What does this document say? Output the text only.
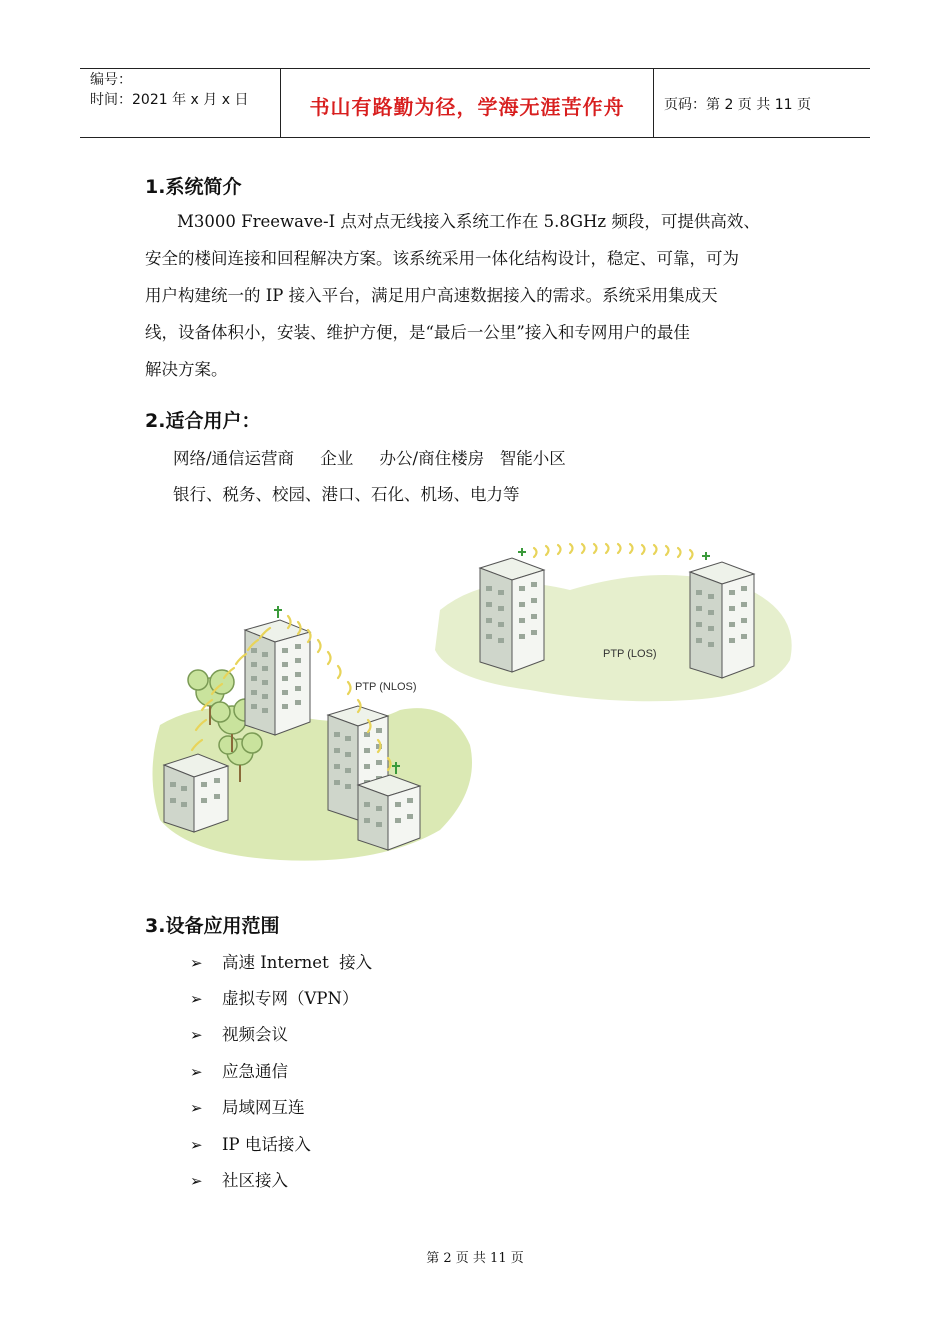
编号：
时间：2021 年 x 月 x 日	书山有路勤为径，学海无涯苦作舟	页码：第 2 页 共 11 页
1.系统简介
M3000 Freewave-I 点对点无线接入系统工作在 5.8GHz 频段，可提供高效、
安全的楼间连接和回程解决方案。该系统采用一体化结构设计，稳定、可靠，可为
用户构建统一的 IP 接入平台，满足用户高速数据接入的需求。系统采用集成天
线，设备体积小，安装、维护方便，是“最后一公里”接入和专网用户的最佳
解决方案。
2.适合用户：
网络/通信运营商     企业     办公/商住楼房   智能小区
银行、税务、校园、港口、石化、机场、电力等
PTP (NLOS)
PTP (LOS)
3.设备应用范围
➢ 高速 Internet  接入
➢ 虚拟专网（VPN）
➢ 视频会议
➢ 应急通信
➢ 局域网互连
➢ IP 电话接入
➢ 社区接入
第 2 页 共 11 页
